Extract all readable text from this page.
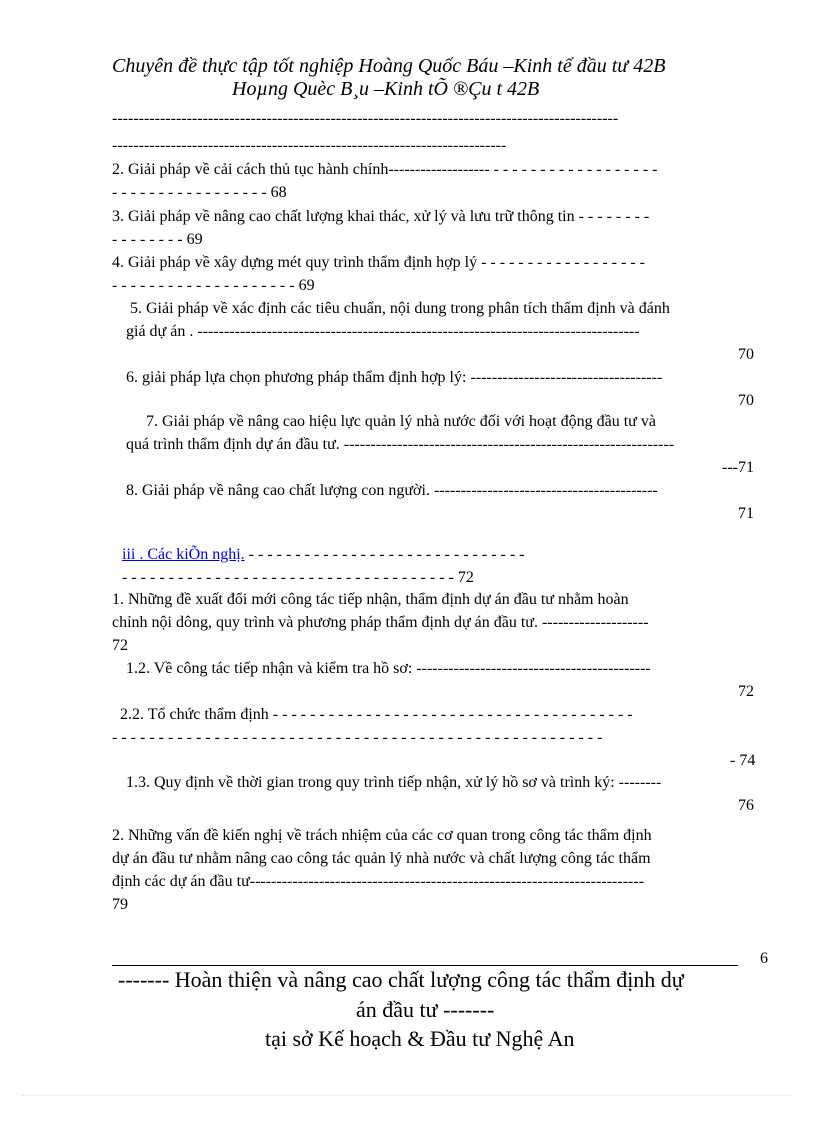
Chuyên đề thực tập tốt nghiệp Hoàng Quốc Báu –Kinh tế đầu tư 42B
Hoµng Quèc B¸u –Kinh tÕ ®Çu t 42B
-----------------------------------------------------------------------------------------------
--------------------------------------------------------------------------
2. Giải pháp về cải cách thủ tục hành chính------------------- - - - - - - - - - - - - - - - - - -
- - - - - - - - - - - - - - - - - 68
3. Giải pháp về nâng cao chất lượng khai thác, xử lý và lưu trữ thông tin - - - - - - - -
- - - - - - - - 69
4. Giải pháp về xây dựng mét quy trình thẩm định hợp lý - - - - - - - - - - - - - - - - - -
- - - - - - - - - - - - - - - - - - - - 69
5. Giải pháp về xác định các tiêu chuẩn, nội dung trong phân tích thẩm định và đánh
giá dự án . -----------------------------------------------------------------------------------
70
6. giải pháp lựa chọn phương pháp thẩm định hợp lý: ------------------------------------
70
7. Giải pháp về nâng cao hiệu lực quản lý nhà nước đối với hoạt động đầu tư và
quá trình thẩm định dự án đầu tư. --------------------------------------------------------------
---71
8. Giải pháp về nâng cao chất lượng con người. ------------------------------------------
71
iii . Các kiÕn nghị. - - - - - - - - - - - - - - - - - - - - - - - - - - - - - -
- - - - - - - - - - - - - - - - - - - - - - - - - - - - - - - - - - - - 72
1. Những đề xuất đổi mới công tác tiếp nhận, thẩm định dự án đầu tư nhằm hoàn
chỉnh nội dông, quy trình và phương pháp thẩm định dự án đầu tư. --------------------
72
1.2. Về công tác tiếp nhận và kiểm tra hồ sơ: --------------------------------------------
72
2.2. Tổ chức thẩm định - - - - - - - - - - - - - - - - - - - - - - - - - - - - - - - - - - - - - - -
- - - - - - - - - - - - - - - - - - - - - - - - - - - - - - - - - - - - - - - - - - - - - - - - - - - - -
- 74
1.3. Quy định về thời gian trong quy trình tiếp nhận, xử lý hồ sơ và trình ký: --------
76
2. Những vấn đề kiến nghị về trách nhiệm của các cơ quan trong công tác thẩm định
dự án đầu tư nhằm nâng cao công tác quản lý nhà nước và chất lượng công tác thẩm
định các dự án đầu tư--------------------------------------------------------------------------
79
6
------- Hoàn thiện và nâng cao chất lượng công tác thẩm định dự
án đầu tư -------
tại sở Kế hoạch & Đầu tư Nghệ An
